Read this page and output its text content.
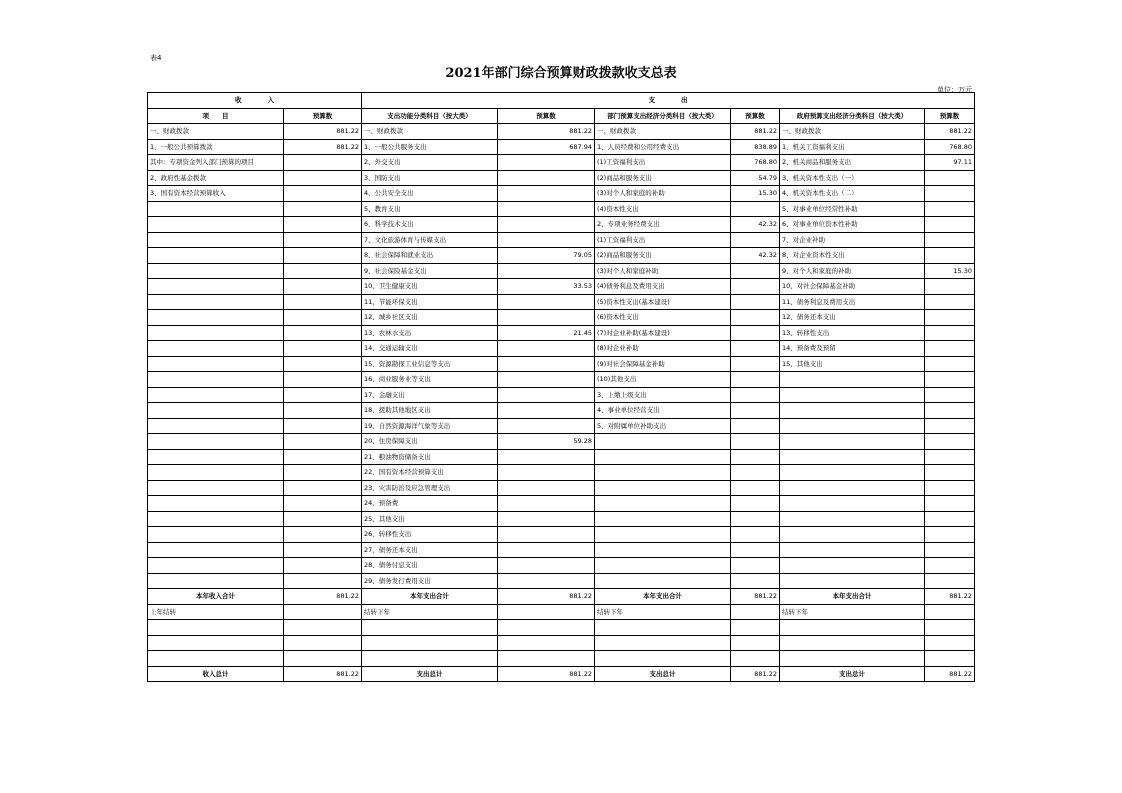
表4
2021年部门综合预算财政拨款收支总表
单位：万元
收　　　　入		支　　　　出					
项　　目	预算数	支出功能分类科目（按大类）	预算数	部门预算支出经济分类科目（按大类）	预算数	政府预算支出经济分类科目（按大类）	预算数
一、财政拨款	881.22	一、财政拨款	881.22	一、财政拨款	881.22	一、财政拨款	881.22
1、一般公共预算拨款	881.22	1、一般公共服务支出	687.94	1、人员经费和公用经费支出	838.89	1、机关工资福利支出	768.80
其中：专项资金列入部门预算的项目		2、外交支出		(1)工资福利支出	768.80	2、机关商品和服务支出	97.11
2、政府性基金拨款		3、国防支出		(2)商品和服务支出	54.79	3、机关资本性支出（一）	
3、国有资本经营预算收入		4、公共安全支出		(3)对个人和家庭的补助	15.30	4、机关资本性支出（二）	
		5、教育支出		(4)资本性支出		5、对事业单位经常性补助	
		6、科学技术支出		2、专项业务经费支出	42.32	6、对事业单位资本性补助	
		7、文化旅游体育与传媒支出		(1)工资福利支出		7、对企业补助	
		8、社会保障和就业支出	79.05	(2)商品和服务支出	42.32	8、对企业资本性支出	
		9、社会保险基金支出		(3)对个人和家庭补助		9、对个人和家庭的补助	15.30
		10、卫生健康支出	33.53	(4)债务利息及费用支出		10、对社会保障基金补助	
		11、节能环保支出		(5)资本性支出(基本建设)		11、债务利息及费用支出	
		12、城乡社区支出		(6)资本性支出		12、债务还本支出	
		13、农林水支出	21.45	(7)对企业补助(基本建设)		13、转移性支出	
		14、交通运输支出		(8)对企业补助		14、预备费及预留	
		15、资源勘探工业信息等支出		(9)对社会保障基金补助		15、其他支出	
		16、商业服务业等支出		(10)其他支出			
		17、金融支出		3、上缴上级支出			
		18、援助其他地区支出		4、事业单位经营支出			
		19、自然资源海洋气象等支出		5、对附属单位补助支出			
		20、住房保障支出	59.28				
		21、粮油物资储备支出					
		22、国有资本经营预算支出					
		23、灾害防治及应急管理支出					
		24、预备费					
		25、其他支出					
		26、转移性支出					
		27、债务还本支出					
		28、债务付息支出					
		29、债务发行费用支出					
本年收入合计	881.22	本年支出合计	881.22	本年支出合计	881.22	本年支出合计	881.22
上年结转		结转下年		结转下年		结转下年	

收入总计	881.22	支出总计	881.22	支出总计	881.22	支出总计	881.22
